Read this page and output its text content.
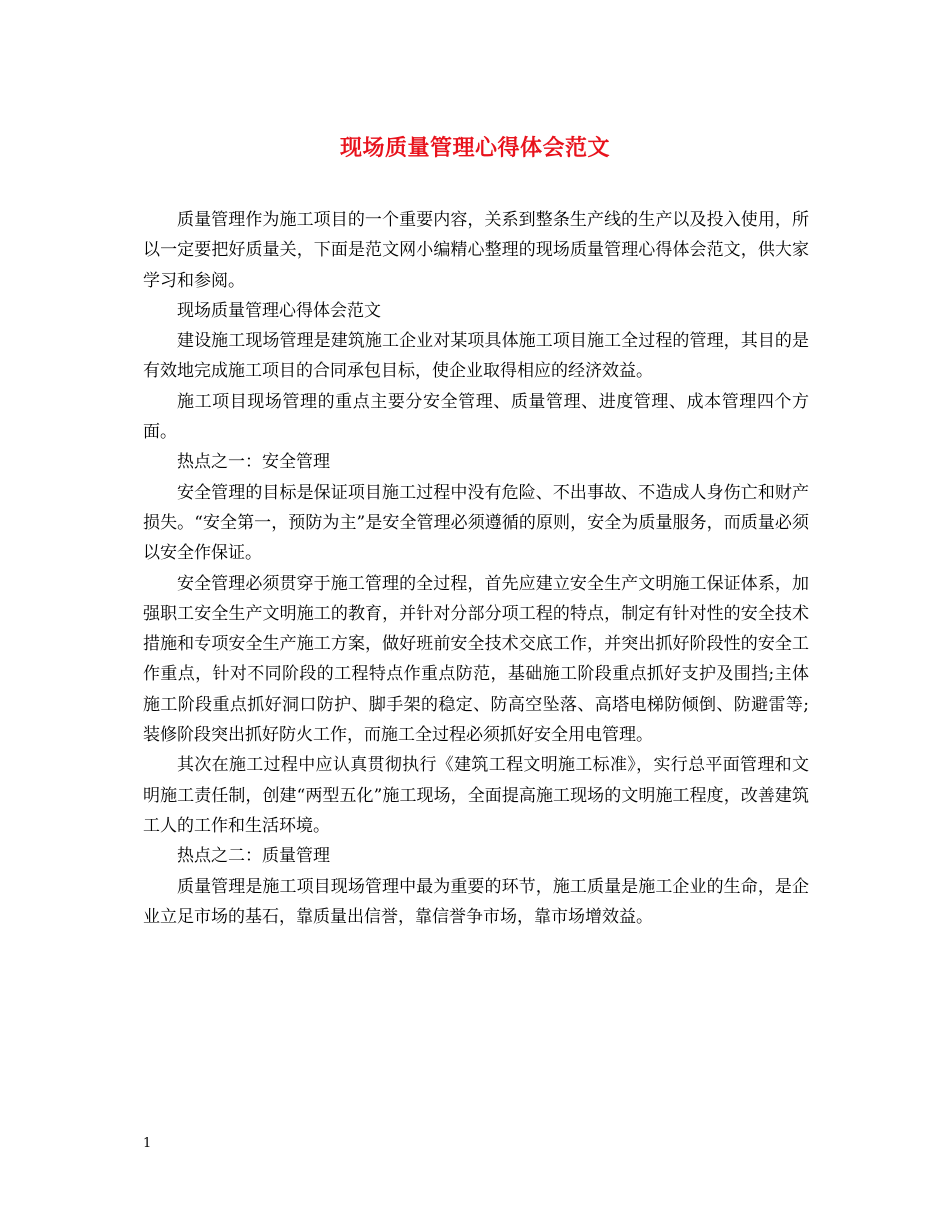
现场质量管理心得体会范文

质量管理作为施工项目的一个重要内容，关系到整条生产线的生产以及投入使用，所以一定要把好质量关，下面是范文网小编精心整理的现场质量管理心得体会范文，供大家学习和参阅。

现场质量管理心得体会范文

建设施工现场管理是建筑施工企业对某项具体施工项目施工全过程的管理，其目的是有效地完成施工项目的合同承包目标，使企业取得相应的经济效益。

施工项目现场管理的重点主要分安全管理、质量管理、进度管理、成本管理四个方面。

热点之一：安全管理

安全管理的目标是保证项目施工过程中没有危险、不出事故、不造成人身伤亡和财产损失。“安全第一，预防为主”是安全管理必须遵循的原则，安全为质量服务，而质量必须以安全作保证。

安全管理必须贯穿于施工管理的全过程，首先应建立安全生产文明施工保证体系，加强职工安全生产文明施工的教育，并针对分部分项工程的特点，制定有针对性的安全技术措施和专项安全生产施工方案，做好班前安全技术交底工作，并突出抓好阶段性的安全工作重点，针对不同阶段的工程特点作重点防范，基础施工阶段重点抓好支护及围挡;主体施工阶段重点抓好洞口防护、脚手架的稳定、防高空坠落、高塔电梯防倾倒、防避雷等;装修阶段突出抓好防火工作，而施工全过程必须抓好安全用电管理。

其次在施工过程中应认真贯彻执行《建筑工程文明施工标准》，实行总平面管理和文明施工责任制，创建“两型五化”施工现场，全面提高施工现场的文明施工程度，改善建筑工人的工作和生活环境。

热点之二：质量管理

质量管理是施工项目现场管理中最为重要的环节，施工质量是施工企业的生命，是企业立足市场的基石，靠质量出信誉，靠信誉争市场，靠市场增效益。

1
